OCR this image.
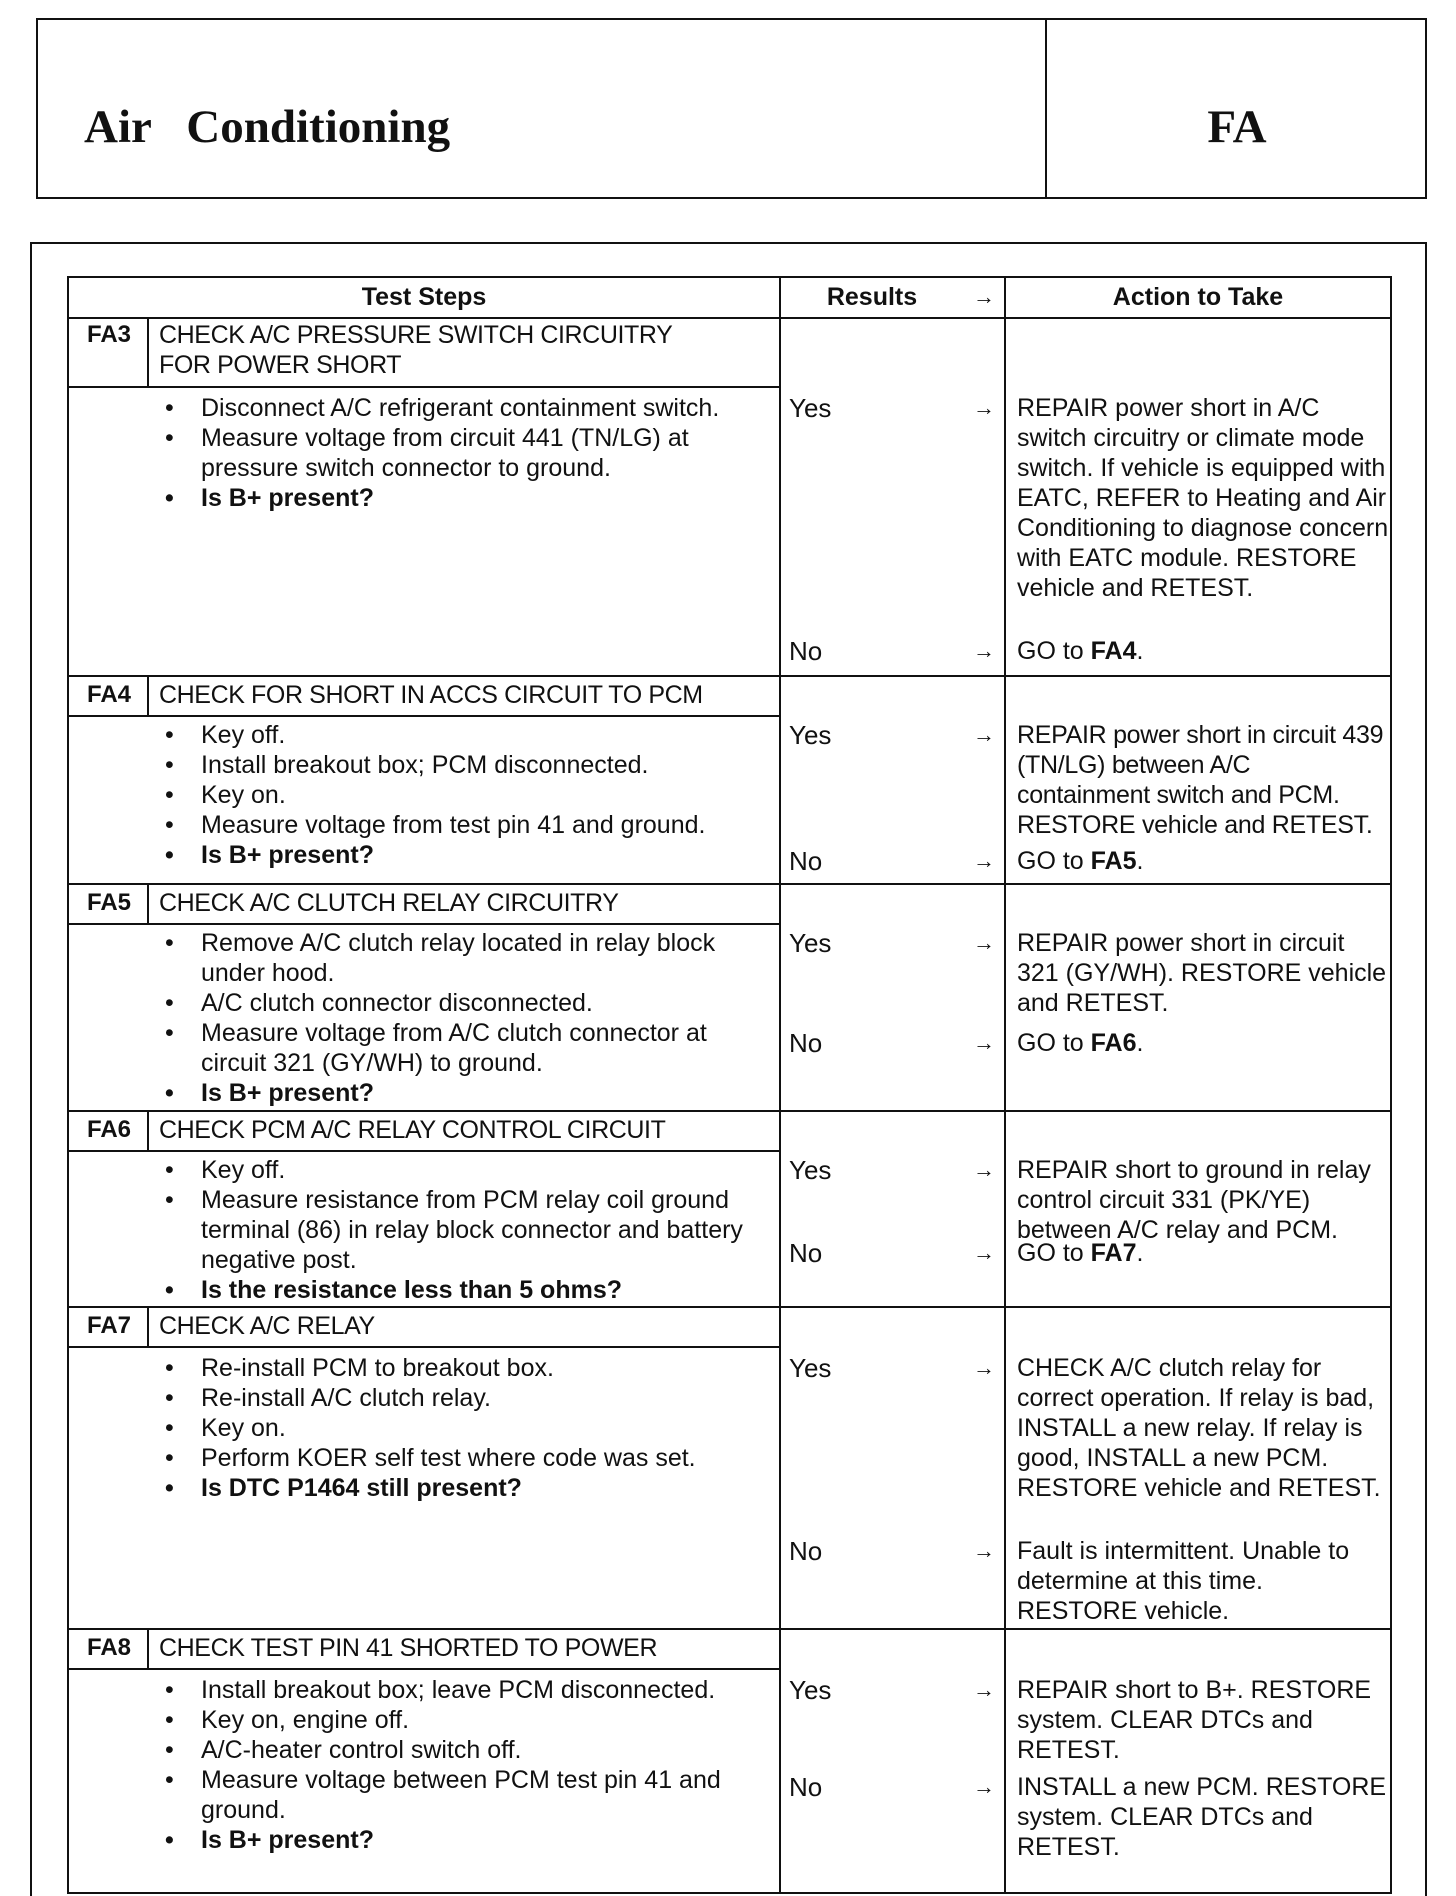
Air   Conditioning	FA
Test Steps	Results	→	Action to Take
FA3	CHECK A/C PRESSURE SWITCH CIRCUITRY FOR POWER SHORT
• Disconnect A/C refrigerant containment switch.
• Measure voltage from circuit 441 (TN/LG) at pressure switch connector to ground.
• Is B+ present?
Yes	→ REPAIR power short in A/C switch circuitry or climate mode switch. If vehicle is equipped with EATC, REFER to Heating and Air Conditioning to diagnose concern with EATC module. RESTORE vehicle and RETEST.
No	→ GO to FA4.
FA4	CHECK FOR SHORT IN ACCS CIRCUIT TO PCM
• Key off.
• Install breakout box; PCM disconnected.
• Key on.
• Measure voltage from test pin 41 and ground.
• Is B+ present?
Yes	→ REPAIR power short in circuit 439 (TN/LG) between A/C containment switch and PCM. RESTORE vehicle and RETEST.
No	→ GO to FA5.
FA5	CHECK A/C CLUTCH RELAY CIRCUITRY
• Remove A/C clutch relay located in relay block under hood.
• A/C clutch connector disconnected.
• Measure voltage from A/C clutch connector at circuit 321 (GY/WH) to ground.
• Is B+ present?
Yes	→ REPAIR power short in circuit 321 (GY/WH). RESTORE vehicle and RETEST.
No	→ GO to FA6.
FA6	CHECK PCM A/C RELAY CONTROL CIRCUIT
• Key off.
• Measure resistance from PCM relay coil ground terminal (86) in relay block connector and battery negative post.
• Is the resistance less than 5 ohms?
Yes	→ REPAIR short to ground in relay control circuit 331 (PK/YE) between A/C relay and PCM.
No	→ GO to FA7.
FA7	CHECK A/C RELAY
• Re-install PCM to breakout box.
• Re-install A/C clutch relay.
• Key on.
• Perform KOER self test where code was set.
• Is DTC P1464 still present?
Yes	→ CHECK A/C clutch relay for correct operation. If relay is bad, INSTALL a new relay. If relay is good, INSTALL a new PCM. RESTORE vehicle and RETEST.
No	→ Fault is intermittent. Unable to determine at this time. RESTORE vehicle.
FA8	CHECK TEST PIN 41 SHORTED TO POWER
• Install breakout box; leave PCM disconnected.
• Key on, engine off.
• A/C-heater control switch off.
• Measure voltage between PCM test pin 41 and ground.
• Is B+ present?
Yes	→ REPAIR short to B+. RESTORE system. CLEAR DTCs and RETEST.
No	→ INSTALL a new PCM. RESTORE system. CLEAR DTCs and RETEST.
